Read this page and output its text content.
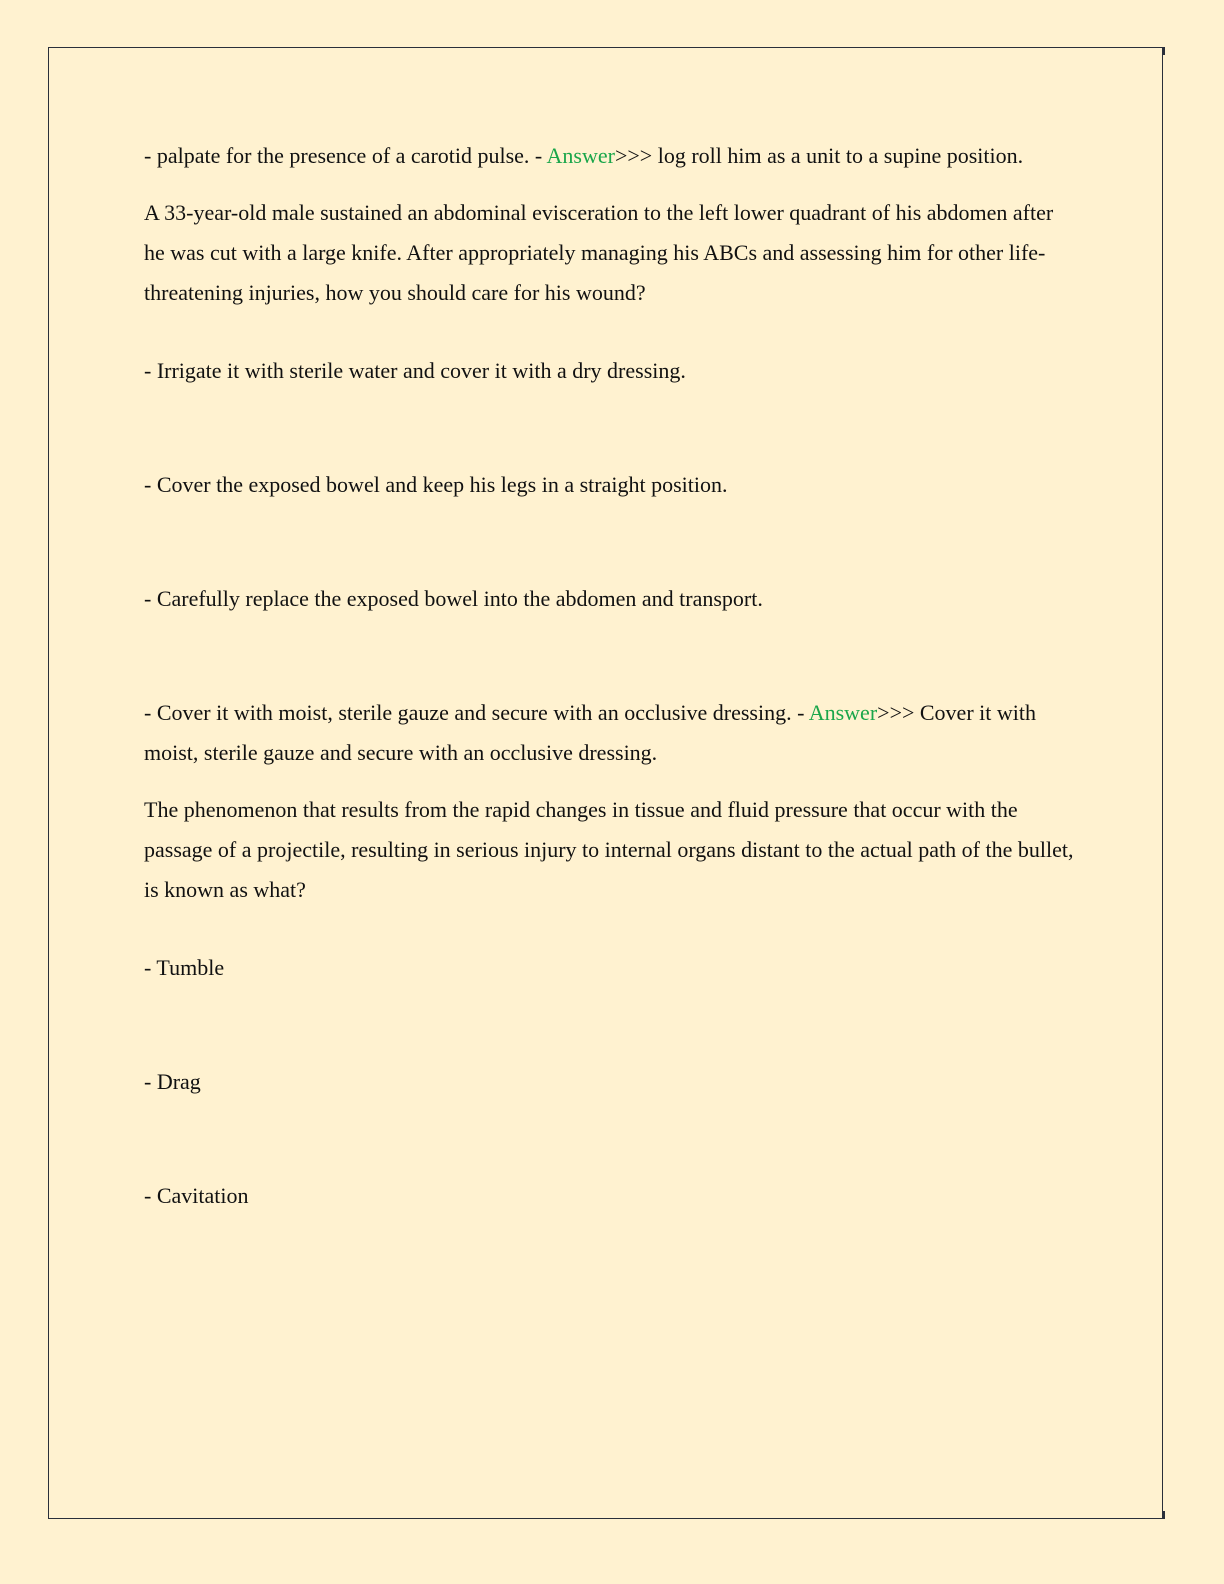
- palpate for the presence of a carotid pulse. - Answer>>> log roll him as a unit to a supine position.

A 33-year-old male sustained an abdominal evisceration to the left lower quadrant of his abdomen after he was cut with a large knife. After appropriately managing his ABCs and assessing him for other life-threatening injuries, how you should care for his wound?

- Irrigate it with sterile water and cover it with a dry dressing.

- Cover the exposed bowel and keep his legs in a straight position.

- Carefully replace the exposed bowel into the abdomen and transport.

- Cover it with moist, sterile gauze and secure with an occlusive dressing. - Answer>>> Cover it with moist, sterile gauze and secure with an occlusive dressing.

The phenomenon that results from the rapid changes in tissue and fluid pressure that occur with the passage of a projectile, resulting in serious injury to internal organs distant to the actual path of the bullet, is known as what?

- Tumble

- Drag

- Cavitation
